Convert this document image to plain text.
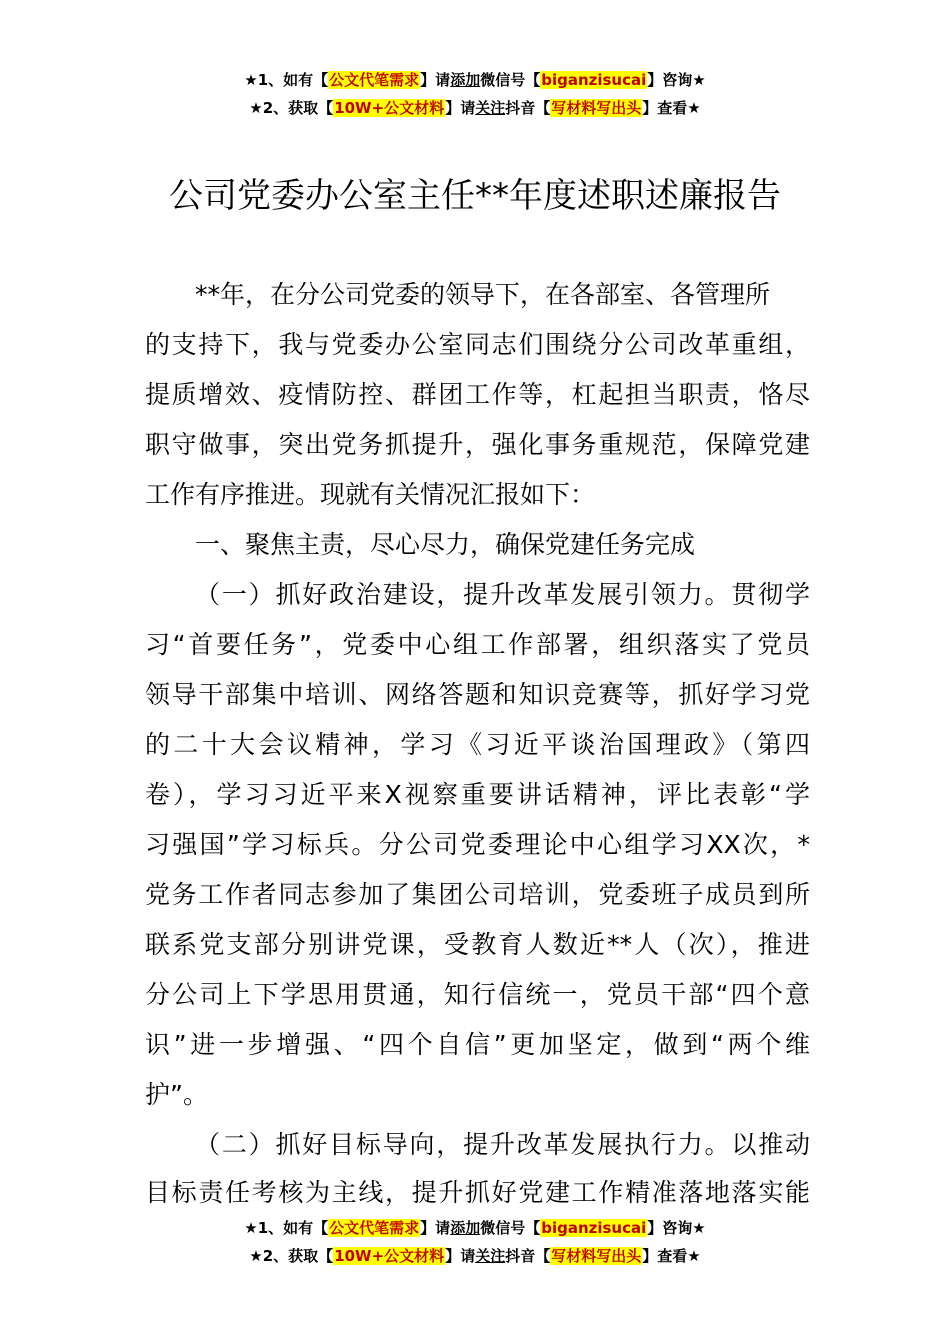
★1、如有【公文代笔需求】请添加微信号【biganzisucai】咨询★
★2、获取【10W+公文材料】请关注抖音【写材料写出头】查看★
公司党委办公室主任**年度述职述廉报告
**年，在分公司党委的领导下，在各部室、各管理所
的支持下，我与党委办公室同志们围绕分公司改革重组，
提质增效、疫情防控、群团工作等，杠起担当职责，恪尽
职守做事，突出党务抓提升，强化事务重规范，保障党建
工作有序推进。现就有关情况汇报如下：
一、聚焦主责，尽心尽力，确保党建任务完成
（一）抓好政治建设，提升改革发展引领力。贯彻学
习“首要任务”，党委中心组工作部署，组织落实了党员
领导干部集中培训、网络答题和知识竞赛等，抓好学习党
的二十大会议精神，学习《习近平谈治国理政》（第四
卷），学习习近平来X视察重要讲话精神，评比表彰“学
习强国”学习标兵。分公司党委理论中心组学习XX次，*
党务工作者同志参加了集团公司培训，党委班子成员到所
联系党支部分别讲党课，受教育人数近**人（次），推进
分公司上下学思用贯通，知行信统一，党员干部“四个意
识”进一步增强、“四个自信”更加坚定，做到“两个维
护”。
（二）抓好目标导向，提升改革发展执行力。以推动
目标责任考核为主线，提升抓好党建工作精准落地落实能
★1、如有【公文代笔需求】请添加微信号【biganzisucai】咨询★
★2、获取【10W+公文材料】请关注抖音【写材料写出头】查看★
